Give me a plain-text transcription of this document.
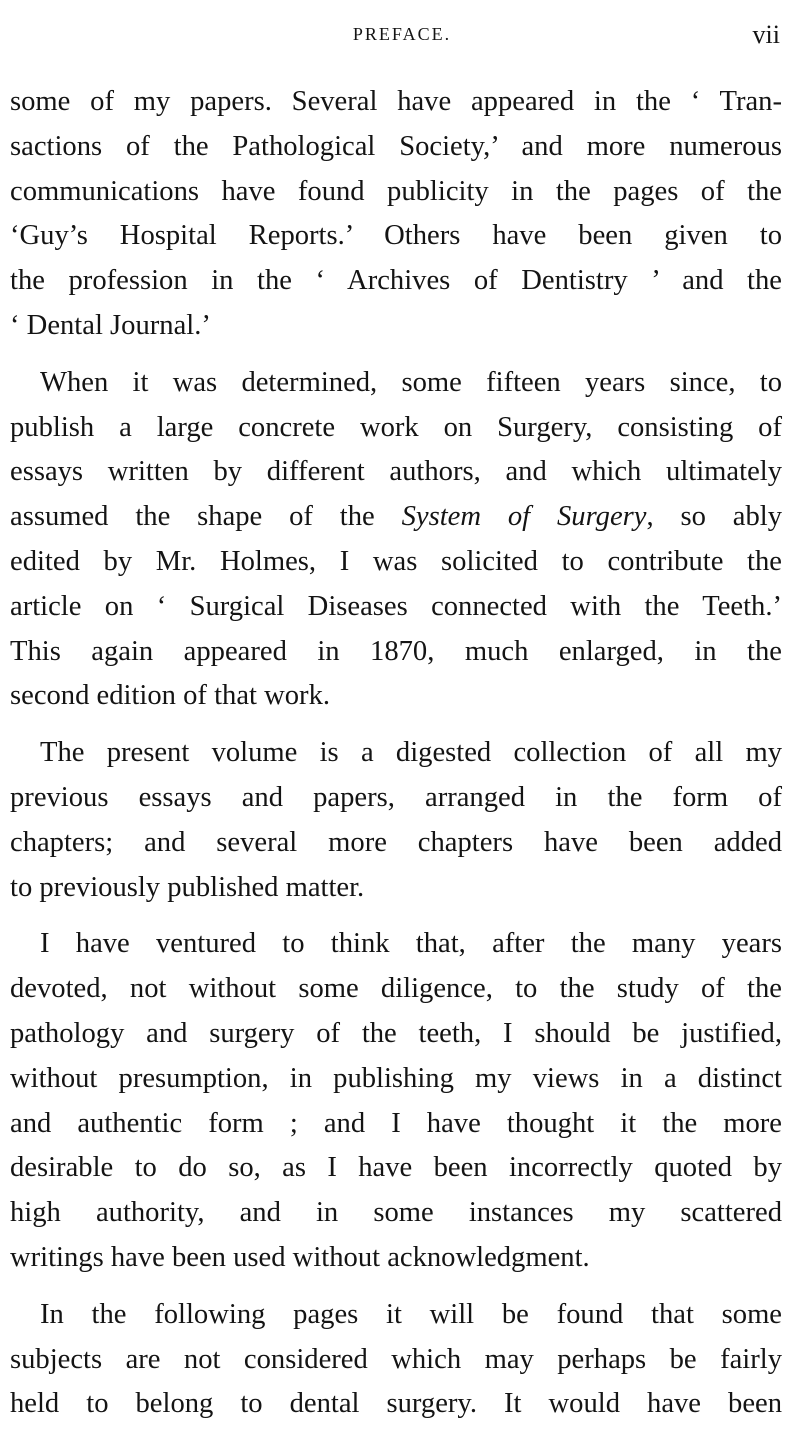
PREFACE.	vii

some of my papers. Several have appeared in the ‘ Tran-
sactions of the Pathological Society,’ and more numerous
communications have found publicity in the pages of the
‘Guy’s Hospital Reports.’ Others have been given to
the profession in the ‘ Archives of Dentistry ’ and the
‘ Dental Journal.’

When it was determined, some fifteen years since, to
publish a large concrete work on Surgery, consisting of
essays written by different authors, and which ultimately
assumed the shape of the System of Surgery, so ably
edited by Mr. Holmes, I was solicited to contribute the
article on ‘ Surgical Diseases connected with the Teeth.’
This again appeared in 1870, much enlarged, in the
second edition of that work.

The present volume is a digested collection of all my
previous essays and papers, arranged in the form of
chapters; and several more chapters have been added
to previously published matter.

I have ventured to think that, after the many years
devoted, not without some diligence, to the study of the
pathology and surgery of the teeth, I should be justified,
without presumption, in publishing my views in a distinct
and authentic form ; and I have thought it the more
desirable to do so, as I have been incorrectly quoted by
high authority, and in some instances my scattered
writings have been used without acknowledgment.

In the following pages it will be found that some
subjects are not considered which may perhaps be fairly
held to belong to dental surgery. It would have been
